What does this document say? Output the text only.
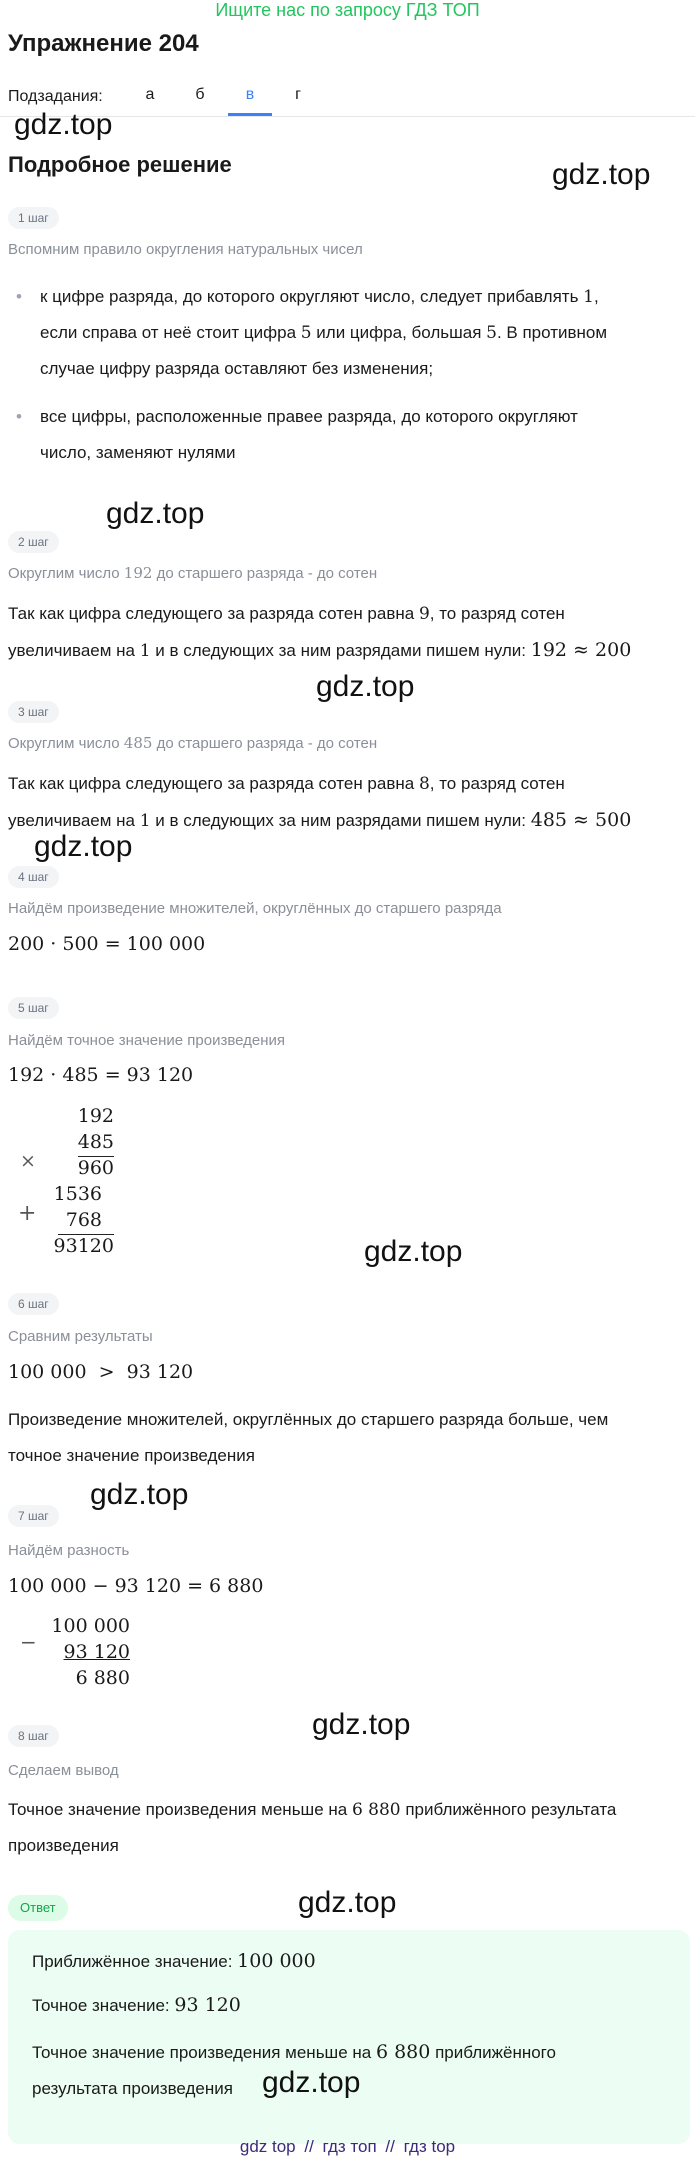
Ищите нас по запросу ГДЗ ТОП
Упражнение 204
Подзадания:	а	б	в	г
gdz.top
gdz.top
gdz.top
gdz.top
gdz.top
gdz.top
gdz.top
gdz.top
Подробное решение
1 шаг
Вспомним правило округления натуральных чисел
• к цифре разряда, до которого округляют число, следует прибавлять 1,
если справа от неё стоит цифра 5 или цифра, большая 5. В противном
случае цифру разряда оставляют без изменения;
• все цифры, расположенные правее разряда, до которого округляют
число, заменяют нулями
2 шаг
Округлим число 192 до старшего разряда - до сотен
Так как цифра следующего за разряда сотен равна 9, то разряд сотен
увеличиваем на 1 и в следующих за ним разрядами пишем нули: 192 ≈ 200
3 шаг
Округлим число 485 до старшего разряда - до сотен
Так как цифра следующего за разряда сотен равна 8, то разряд сотен
увеличиваем на 1 и в следующих за ним разрядами пишем нули: 485 ≈ 500
4 шаг
Найдём произведение множителей, округлённых до старшего разряда
200 · 500 = 100 000
5 шаг
Найдём точное значение произведения
192 · 485 = 93 120
×
+
192
485
960
1536
768
93120
6 шаг
Сравним результаты
100 000  >  93 120
Произведение множителей, округлённых до старшего разряда больше, чем
точное значение произведения
7 шаг
Найдём разность
100 000 − 93 120 = 6 880
−
100 000
93 120
6 880
8 шаг
Сделаем вывод
Точное значение произведения меньше на 6 880 приближённого результата
произведения
Ответ
Приближённое значение: 100 000
Точное значение: 93 120
Точное значение произведения меньше на 6 880 приближённого
результата произведения gdz.top
gdz.top
gdz top // гдз топ // гдз top
